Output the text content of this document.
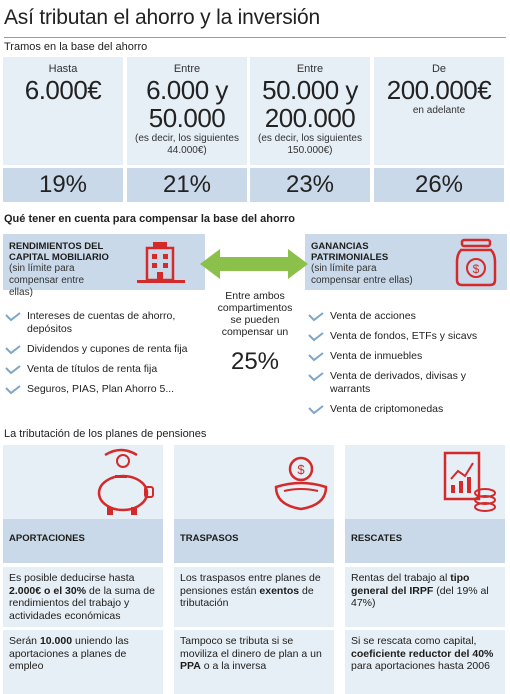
Así tributan el ahorro y la inversión
Tramos en la base del ahorro
Hasta
6.000€
19%
Entre
6.000 y
50.000
(es decir, los siguientes 44.000€)
21%
Entre
50.000 y
200.000
(es decir, los siguientes 150.000€)
23%
De
200.000€
en adelante
26%
Qué tener en cuenta para compensar la base del ahorro
RENDIMIENTOS DEL CAPITAL MOBILIARIO
(sin límite para compensar entre ellas)
GANANCIAS PATRIMONIALES
(sin límite para compensar entre ellas)
$
Entre ambos compartimentos se pueden compensar un
25%
Intereses de cuentas de ahorro, depósitos
Dividendos y cupones de renta fija
Venta de títulos de renta fija
Seguros, PIAS, Plan Ahorro 5...
Venta de acciones
Venta de fondos, ETFs y sicavs
Venta de inmuebles
Venta de derivados, divisas y warrants
Venta de criptomonedas
La tributación de los planes de pensiones
APORTACIONES
Es posible deducirse hasta 2.000€ o el 30% de la suma de rendimientos del trabajo y actividades económicas
Serán 10.000 uniendo las aportaciones a planes de empleo
$
TRASPASOS
Los traspasos entre planes de pensiones están exentos de tributación
Tampoco se tributa si se moviliza el dinero de plan a un PPA o a la inversa
RESCATES
Rentas del trabajo al tipo general del IRPF (del 19% al 47%)
Si se rescata como capital, coeficiente reductor del 40% para aportaciones hasta 2006
